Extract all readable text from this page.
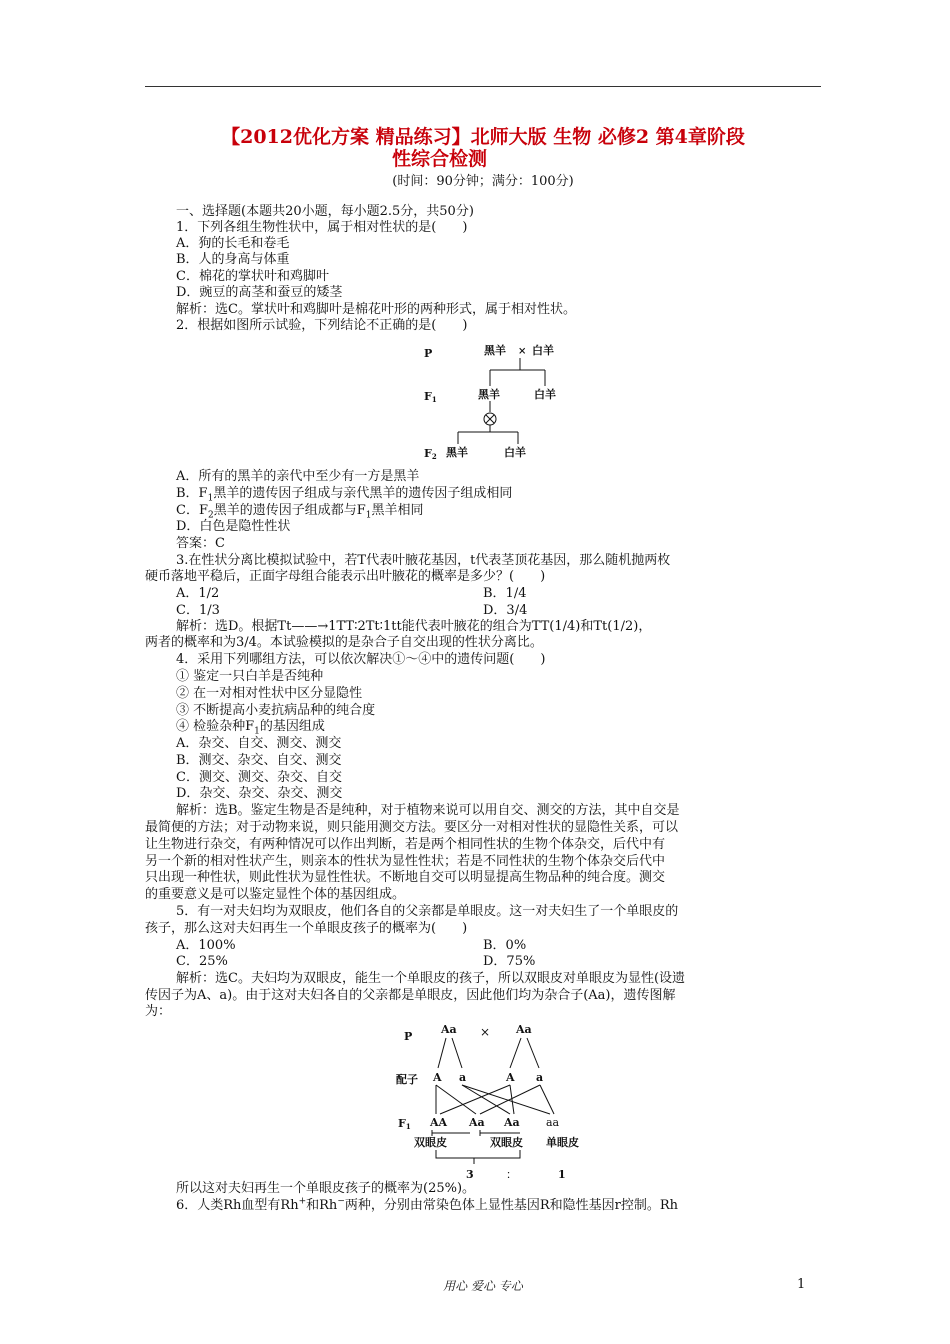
【2012优化方案 精品练习】北师大版 生物 必修2 第4章阶段
性综合检测
(时间：90分钟；满分：100分)
一、选择题(本题共20小题，每小题2.5分，共50分)
1．下列各组生物性状中，属于相对性状的是(　　)
A．狗的长毛和卷毛
B．人的身高与体重
C．棉花的掌状叶和鸡脚叶
D．豌豆的高茎和蚕豆的矮茎
解析：选C。掌状叶和鸡脚叶是棉花叶形的两种形式，属于相对性状。
2．根据如图所示试验，下列结论不正确的是(　　)
P	黑羊 × 白羊
F1	黑羊	白羊
F2 黑羊	白羊
A．所有的黑羊的亲代中至少有一方是黑羊
B．$F_1$黑羊的遗传因子组成与亲代黑羊的遗传因子组成相同
C．$F_2$黑羊的遗传因子组成都与$F_1$黑羊相同
D．白色是隐性性状
答案：C
3.在性状分离比模拟试验中，若T代表叶腋花基因，t代表茎顶花基因，那么随机抛两枚
硬币落地平稳后，正面字母组合能表示出叶腋花的概率是多少？(　　)
A．1/2	B．1/4
C．1/3	D．3/4
解析：选D。根据Tt——→1TT∶2Tt∶1tt能代表叶腋花的组合为TT(1/4)和Tt(1/2)，
两者的概率和为3/4。本试验模拟的是杂合子自交出现的性状分离比。
4．采用下列哪组方法，可以依次解决①～④中的遗传问题(　　)
① 鉴定一只白羊是否纯种
② 在一对相对性状中区分显隐性
③ 不断提高小麦抗病品种的纯合度
④ 检验杂种$F_1$的基因组成
A．杂交、自交、测交、测交
B．测交、杂交、自交、测交
C．测交、测交、杂交、自交
D．杂交、杂交、杂交、测交
解析：选B。鉴定生物是否是纯种，对于植物来说可以用自交、测交的方法，其中自交是
最简便的方法；对于动物来说，则只能用测交方法。要区分一对相对性状的显隐性关系，可以
让生物进行杂交，有两种情况可以作出判断，若是两个相同性状的生物个体杂交，后代中有
另一个新的相对性状产生，则亲本的性状为显性性状；若是不同性状的生物个体杂交后代中
只出现一种性状，则此性状为显性性状。不断地自交可以明显提高生物品种的纯合度。测交
的重要意义是可以鉴定显性个体的基因组成。
5．有一对夫妇均为双眼皮，他们各自的父亲都是单眼皮。这一对夫妇生了一个单眼皮的
孩子，那么这对夫妇再生一个单眼皮孩子的概率为(　　)
A．100%	B．0%
C．25%	D．75%
解析：选C。夫妇均为双眼皮，能生一个单眼皮的孩子，所以双眼皮对单眼皮为显性(设遗
传因子为A、a)。由于这对夫妇各自的父亲都是单眼皮，因此他们均为杂合子(Aa)，遗传图解
为：
P
Aa × Aa
配子 A a	A a
F1 AA Aa Aa aa
双眼皮	双眼皮 单眼皮
3	：	1
所以这对夫妇再生一个单眼皮孩子的概率为(25%)。
6．人类Rh血型有Rh+和Rh−两种，分别由常染色体上显性基因R和隐性基因r控制。Rh
用心 爱心 专心	1
